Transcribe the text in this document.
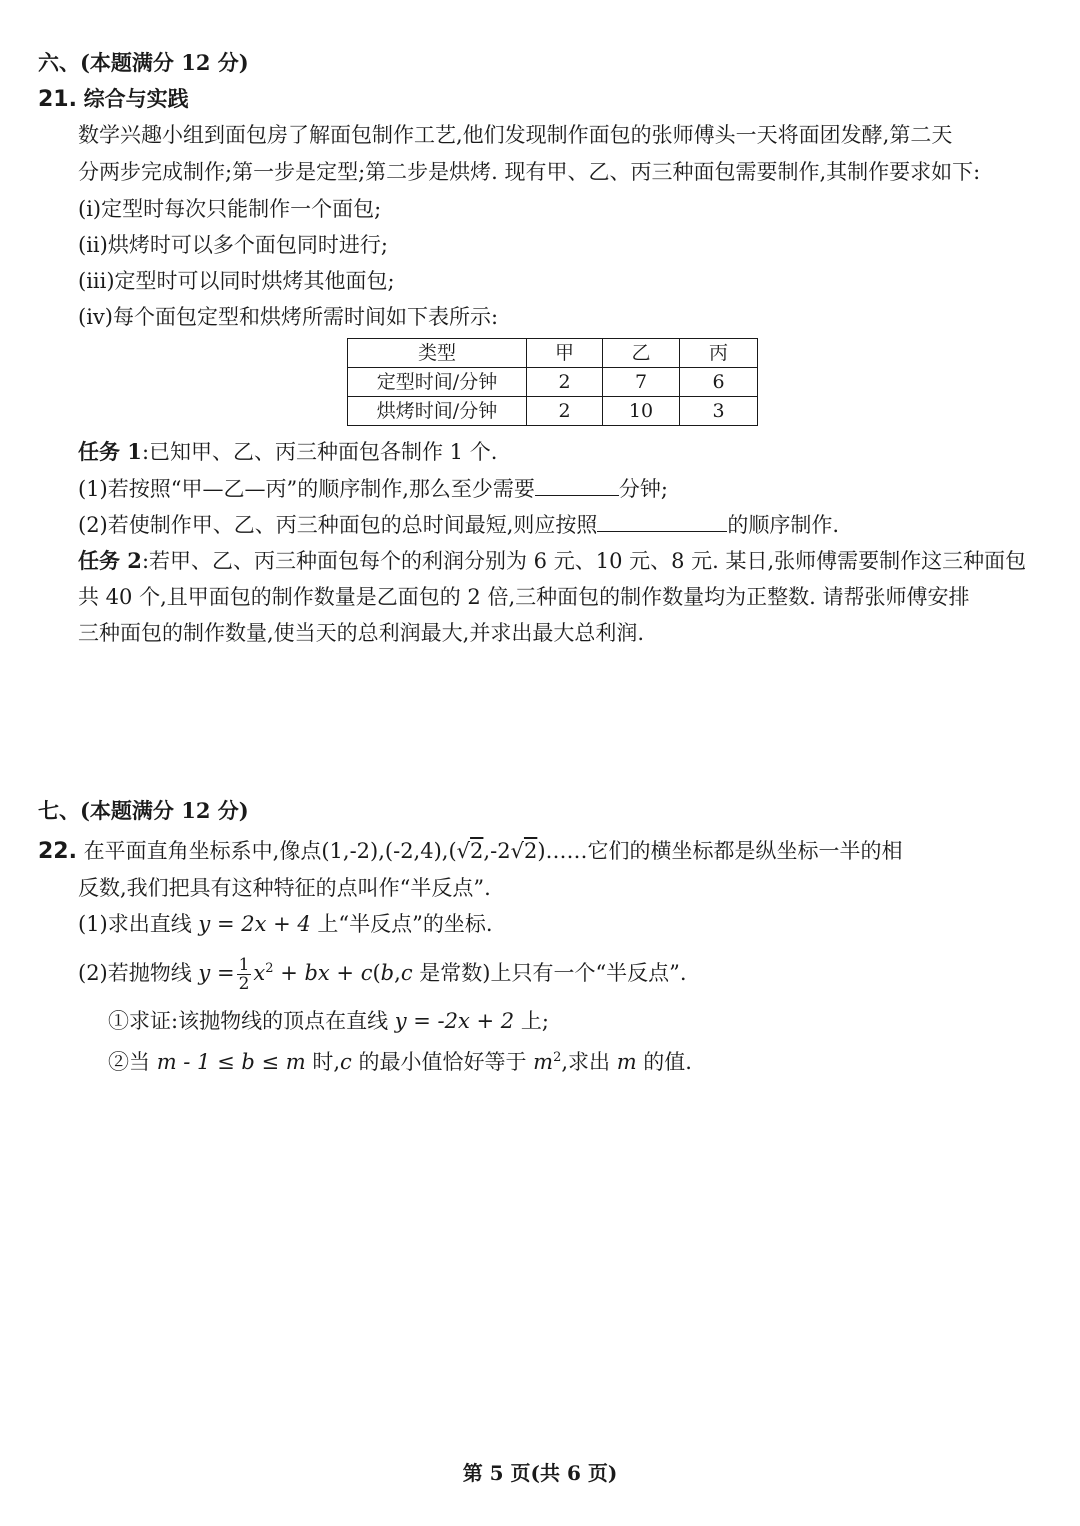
六、(本题满分 12 分)
21. 综合与实践
数学兴趣小组到面包房了解面包制作工艺,他们发现制作面包的张师傅头一天将面团发酵,第二天
分两步完成制作;第一步是定型;第二步是烘烤. 现有甲、乙、丙三种面包需要制作,其制作要求如下:
(i)定型时每次只能制作一个面包;
(ii)烘烤时可以多个面包同时进行;
(iii)定型时可以同时烘烤其他面包;
(iv)每个面包定型和烘烤所需时间如下表所示:
类型	甲	乙	丙
定型时间/分钟	2	7	6
烘烤时间/分钟	2	10	3
任务 1:已知甲、乙、丙三种面包各制作 1 个.
(1)若按照“甲—乙—丙”的顺序制作,那么至少需要	分钟;
(2)若使制作甲、乙、丙三种面包的总时间最短,则应按照	的顺序制作.
任务 2:若甲、乙、丙三种面包每个的利润分别为 6 元、10 元、8 元. 某日,张师傅需要制作这三种面包
共 40 个,且甲面包的制作数量是乙面包的 2 倍,三种面包的制作数量均为正整数. 请帮张师傅安排
三种面包的制作数量,使当天的总利润最大,并求出最大总利润.
七、(本题满分 12 分)
22. 在平面直角坐标系中,像点(1,-2),(-2,4),(√2,-2√2)……它们的横坐标都是纵坐标一半的相
反数,我们把具有这种特征的点叫作“半反点”.
(1)求出直线 y = 2x + 4 上“半反点”的坐标.
(2)若抛物线 $y = \frac{1}{2} x^2$ + bx + c(b,c 是常数)上只有一个“半反点”.
①求证:该抛物线的顶点在直线 y = -2x + 2 上;
②当 m - 1 ≤ b ≤ m 时,c 的最小值恰好等于 $m^2$,求出 m 的值.
第 5 页(共 6 页)
